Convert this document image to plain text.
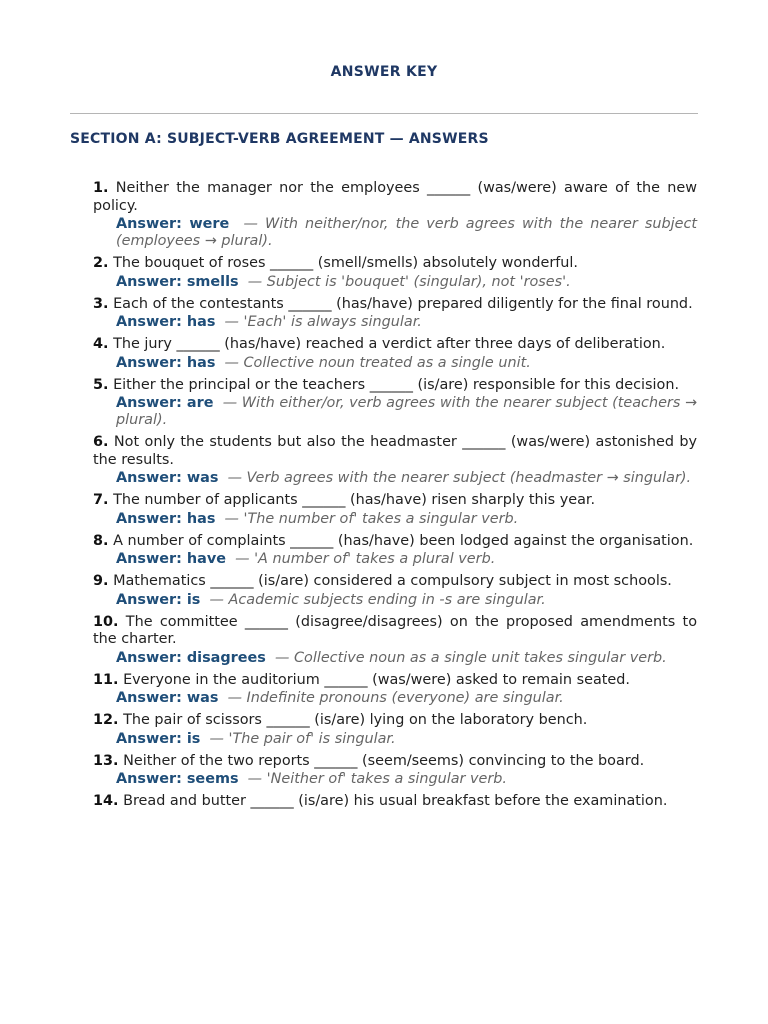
ANSWER KEY
SECTION A: SUBJECT-VERB AGREEMENT — ANSWERS

1. Neither the manager nor the employees ______ (was/were) aware of the new policy.

Answer: were — With neither/nor, the verb agrees with the nearer subject (employees → plural).

2. The bouquet of roses ______ (smell/smells) absolutely wonderful.

Answer: smells — Subject is 'bouquet' (singular), not 'roses'.

3. Each of the contestants ______ (has/have) prepared diligently for the final round.

Answer: has — 'Each' is always singular.

4. The jury ______ (has/have) reached a verdict after three days of deliberation.

Answer: has — Collective noun treated as a single unit.

5. Either the principal or the teachers ______ (is/are) responsible for this decision.

Answer: are — With either/or, verb agrees with the nearer subject (teachers → plural).

6. Not only the students but also the headmaster ______ (was/were) astonished by the results.

Answer: was — Verb agrees with the nearer subject (headmaster → singular).

7. The number of applicants ______ (has/have) risen sharply this year.

Answer: has — 'The number of' takes a singular verb.

8. A number of complaints ______ (has/have) been lodged against the organisation.

Answer: have — 'A number of' takes a plural verb.

9. Mathematics ______ (is/are) considered a compulsory subject in most schools.

Answer: is — Academic subjects ending in -s are singular.

10. The committee ______ (disagree/disagrees) on the proposed amendments to the charter.

Answer: disagrees — Collective noun as a single unit takes singular verb.

11. Everyone in the auditorium ______ (was/were) asked to remain seated.

Answer: was — Indefinite pronouns (everyone) are singular.

12. The pair of scissors ______ (is/are) lying on the laboratory bench.

Answer: is — 'The pair of' is singular.

13. Neither of the two reports ______ (seem/seems) convincing to the board.

Answer: seems — 'Neither of' takes a singular verb.

14. Bread and butter ______ (is/are) his usual breakfast before the examination.
